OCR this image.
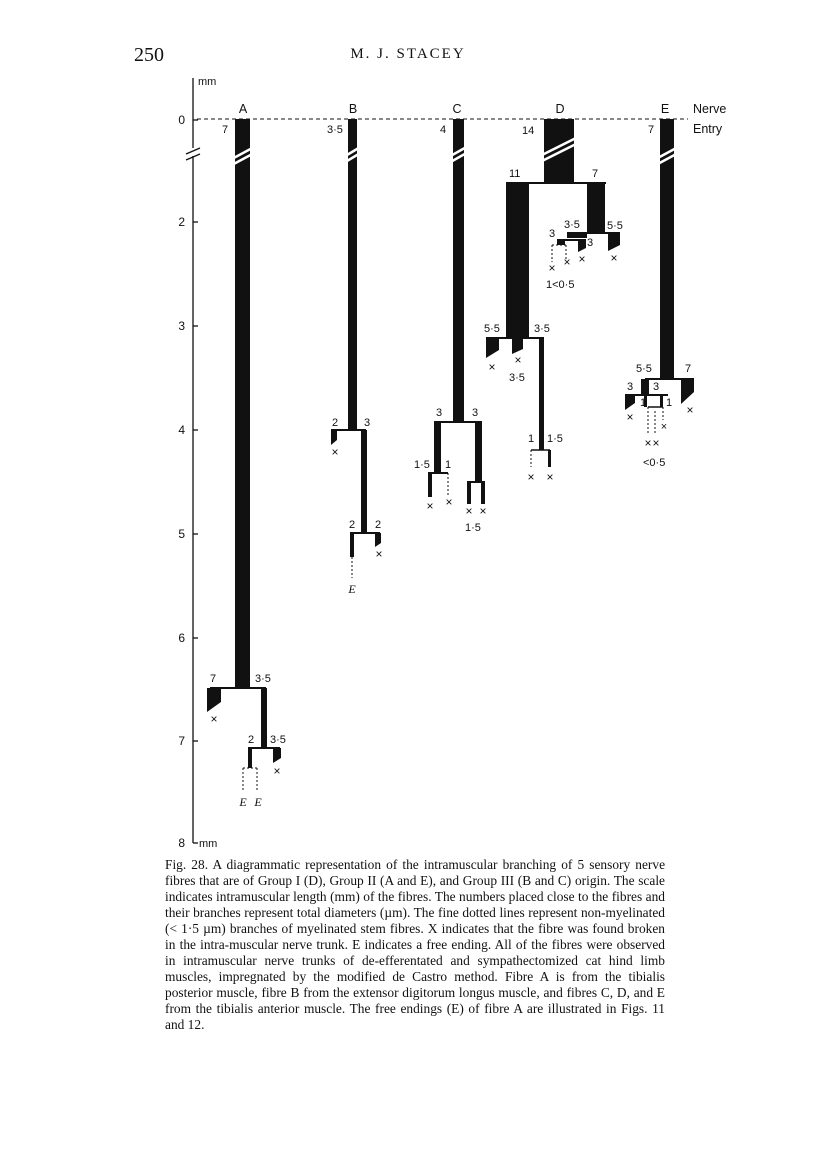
250	M. J. STACEY
mm
mm
0
2
3
4
5
6
7
8
Nerve
Entry
A
7
3·5
7
×
2 3·5
×
E E
B
3·5
2 3
×
2 2
×
E
C
4
3	3
1·5 1
× ×
× ×
1·5
D
14
11	7
3·5 5·5
×
3
3
×
× ×
1<0·5
5·5	3·5
× ×
3·5
1 1·5
× ×
E
7
5·5	7
×
3 3
×
1 1
×
× ×
<0·5
Fig. 28. A diagrammatic representation of the intramuscular branching of 5 sensory nerve fibres that are of Group I (D), Group II (A and E), and Group III (B and C) origin. The scale indicates intramuscular length (mm) of the fibres. The numbers placed close to the fibres and their branches represent total diameters (µm). The fine dotted lines represent non-myelinated (< 1·5 µm) branches of myelinated stem fibres. X indicates that the fibre was found broken in the intra-muscular nerve trunk. E indicates a free ending. All of the fibres were observed in intramuscular nerve trunks of de-efferentated and sympathectomized cat hind limb muscles, impregnated by the modified de Castro method. Fibre A is from the tibialis posterior muscle, fibre B from the extensor digitorum longus muscle, and fibres C, D, and E from the tibialis anterior muscle. The free endings (E) of fibre A are illustrated in Figs. 11 and 12.
